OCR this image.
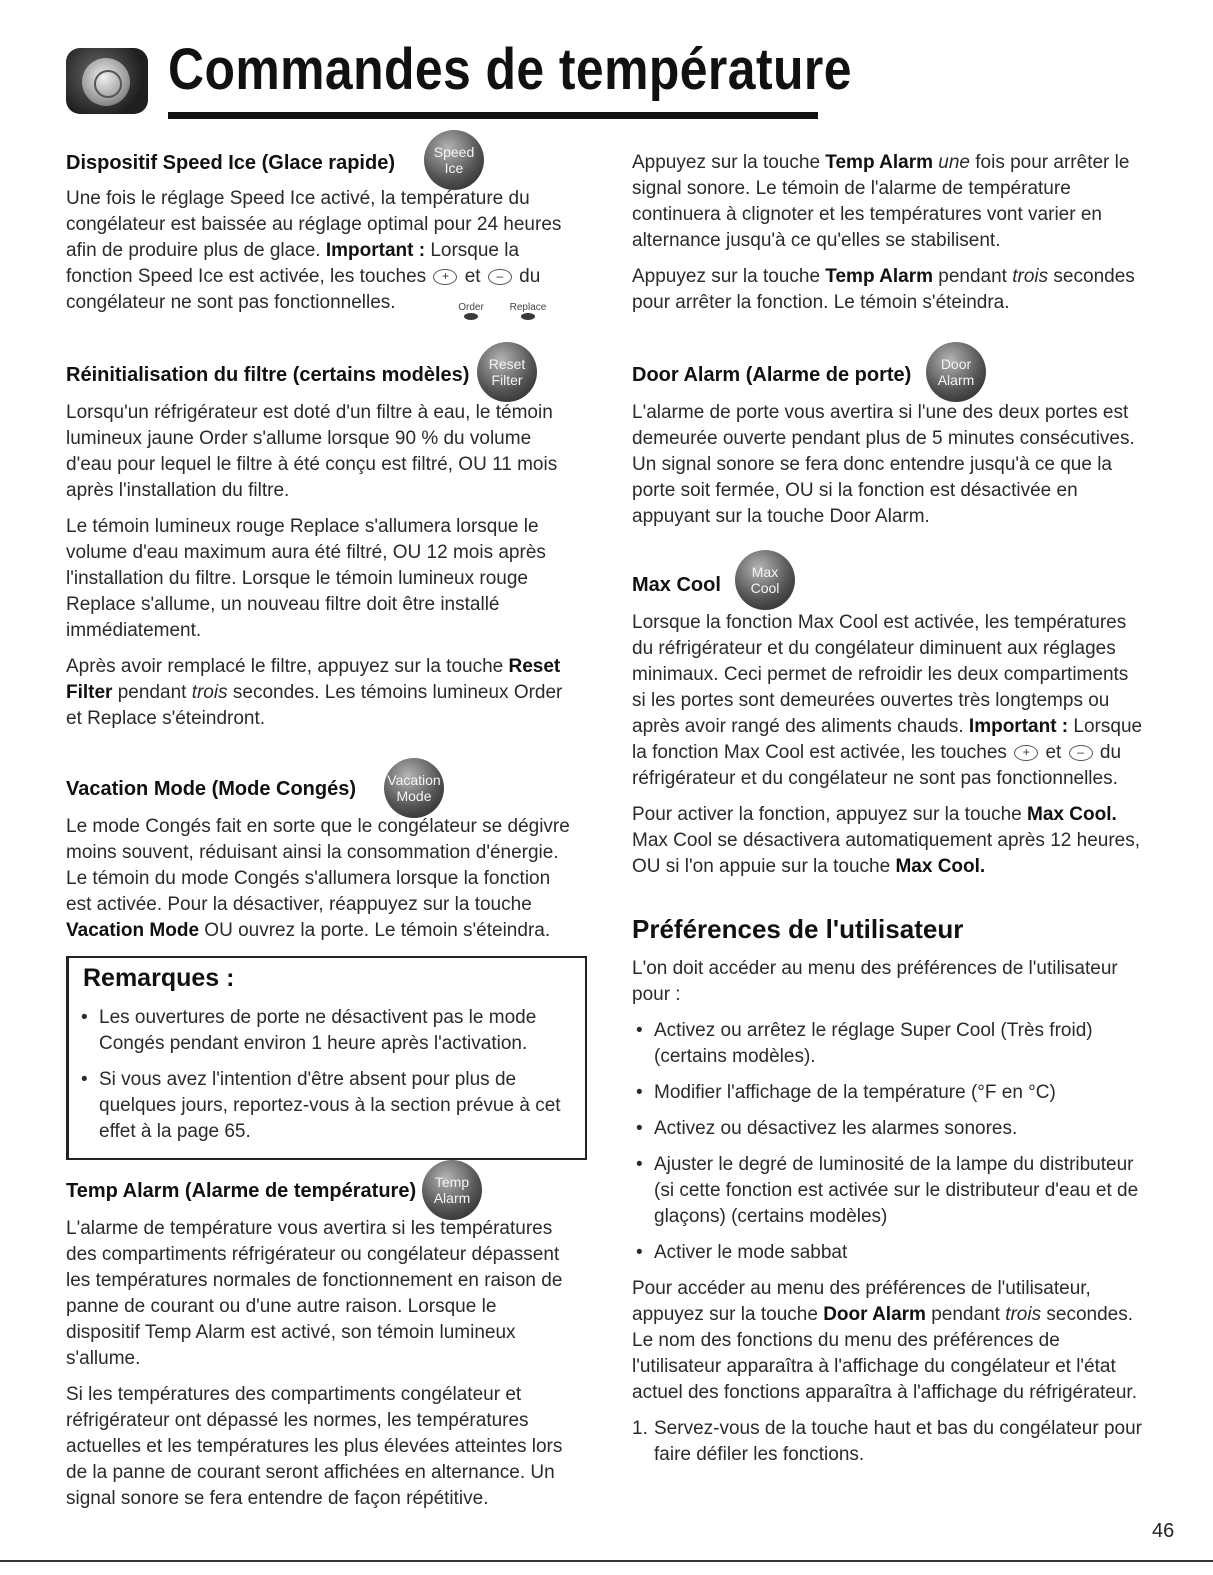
Commandes de température
Dispositif Speed Ice (Glace rapide)	Speed
Ice

Une fois le réglage Speed Ice activé, la température du congélateur est baissée au réglage optimal pour 24 heures afin de produire plus de glace. Important : Lorsque la fonction Speed Ice est activée, les touches + et – du congélateur ne sont pas fonctionnelles.	Order	Replace
Réinitialisation du filtre (certains modèles) Reset
Filter

Lorsqu'un réfrigérateur est doté d'un filtre à eau, le témoin lumineux jaune Order s'allume lorsque 90 % du volume d'eau pour lequel le filtre à été conçu est filtré, OU 11 mois après l'installation du filtre.

Le témoin lumineux rouge Replace s'allumera lorsque le volume d'eau maximum aura été filtré, OU 12 mois après l'installation du filtre. Lorsque le témoin lumineux rouge Replace s'allume, un nouveau filtre doit être installé immédiatement.

Après avoir remplacé le filtre, appuyez sur la touche Reset Filter pendant trois secondes. Les témoins lumineux Order et Replace s'éteindront.

Vacation Mode (Mode Congés) Vacation
Mode

Le mode Congés fait en sorte que le congélateur se dégivre moins souvent, réduisant ainsi la consommation d'énergie. Le témoin du mode Congés s'allumera lorsque la fonction est activée. Pour la désactiver, réappuyez sur la touche Vacation Mode OU ouvrez la porte. Le témoin s'éteindra.

Remarques :
• Les ouvertures de porte ne désactivent pas le mode Congés pendant environ 1 heure après l'activation.
• Si vous avez l'intention d'être absent pour plus de quelques jours, reportez-vous à la section prévue à cet effet à la page 65.
Temp Alarm (Alarme de température) Temp
Alarm

L'alarme de température vous avertira si les températures des compartiments réfrigérateur ou congélateur dépassent les températures normales de fonctionnement en raison de panne de courant ou d'une autre raison. Lorsque le dispositif Temp Alarm est activé, son témoin lumineux s'allume.

Si les températures des compartiments congélateur et réfrigérateur ont dépassé les normes, les températures actuelles et les températures les plus élevées atteintes lors de la panne de courant seront affichées en alternance. Un signal sonore se fera entendre de façon répétitive.

Appuyez sur la touche Temp Alarm une fois pour arrêter le signal sonore. Le témoin de l'alarme de température continuera à clignoter et les températures vont varier en alternance jusqu'à ce qu'elles se stabilisent.

Appuyez sur la touche Temp Alarm pendant trois secondes pour arrêter la fonction. Le témoin s'éteindra.

Door Alarm (Alarme de porte) Door
Alarm

L'alarme de porte vous avertira si l'une des deux portes est demeurée ouverte pendant plus de 5 minutes consécutives. Un signal sonore se fera donc entendre jusqu'à ce que la porte soit fermée, OU si la fonction est désactivée en appuyant sur la touche Door Alarm.

Max Cool
Max
Cool

Lorsque la fonction Max Cool est activée, les températures du réfrigérateur et du congélateur diminuent aux réglages minimaux. Ceci permet de refroidir les deux compartiments si les portes sont demeurées ouvertes très longtemps ou après avoir rangé des aliments chauds. Important : Lorsque la fonction Max Cool est activée, les touches + et – du réfrigérateur et du congélateur ne sont pas fonctionnelles.

Pour activer la fonction, appuyez sur la touche Max Cool. Max Cool se désactivera automatiquement après 12 heures, OU si l'on appuie sur la touche Max Cool.

Préférences de l'utilisateur

L'on doit accéder au menu des préférences de l'utilisateur pour :

• Activez ou arrêtez le réglage Super Cool (Très froid) (certains modèles).
• Modifier l'affichage de la température (°F en °C)
• Activez ou désactivez les alarmes sonores.
• Ajuster le degré de luminosité de la lampe du distributeur (si cette fonction est activée sur le distributeur d'eau et de glaçons) (certains modèles)
• Activer le mode sabbat

Pour accéder au menu des préférences de l'utilisateur, appuyez sur la touche Door Alarm pendant trois secondes. Le nom des fonctions du menu des préférences de l'utilisateur apparaîtra à l'affichage du congélateur et l'état actuel des fonctions apparaîtra à l'affichage du réfrigérateur.

1. Servez-vous de la touche haut et bas du congélateur pour faire défiler les fonctions.
46
